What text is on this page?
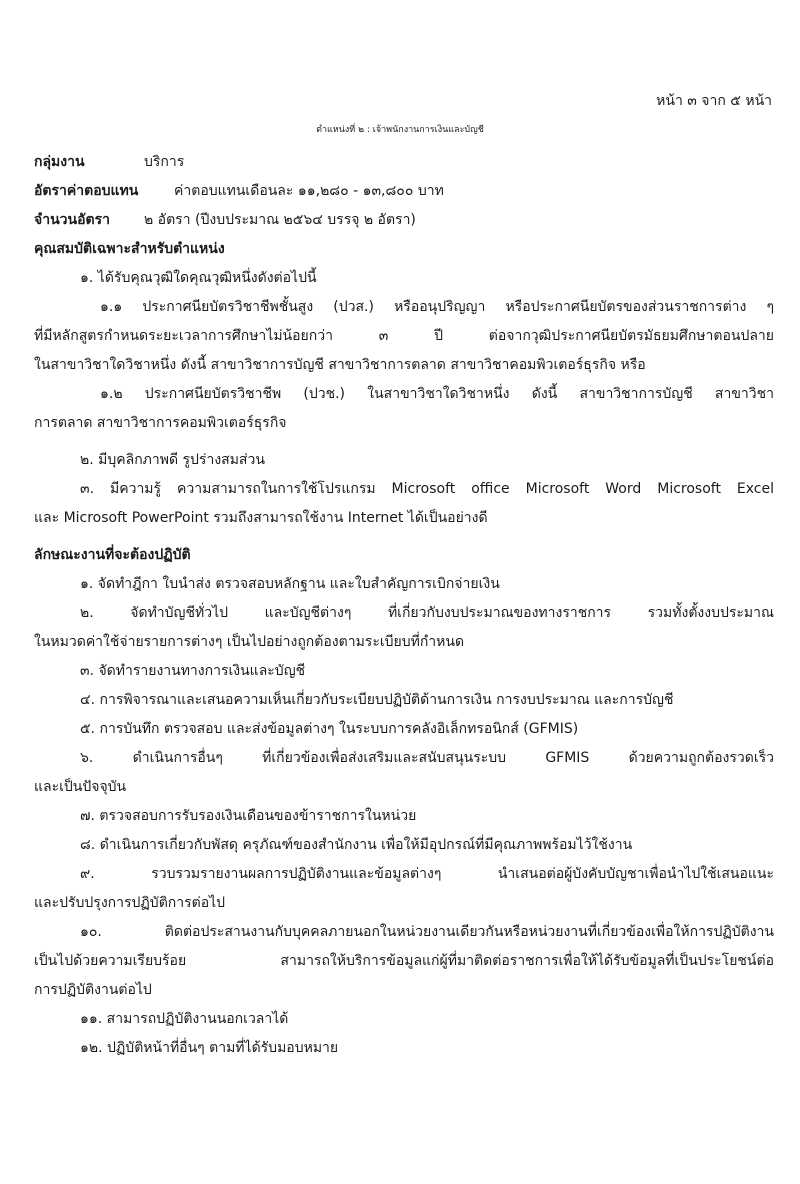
หน้า ๓ จาก ๕ หน้า
ตำแหน่งที่ ๒ : เจ้าพนักงานการเงินและบัญชี
กลุ่มงาน	บริการ
อัตราค่าตอบแทน	ค่าตอบแทนเดือนละ ๑๑,๒๘๐ - ๑๓,๘๐๐ บาท
จำนวนอัตรา ๒ อัตรา (ปีงบประมาณ ๒๕๖๔ บรรจุ ๒ อัตรา)
คุณสมบัติเฉพาะสำหรับตำแหน่ง
๑. ได้รับคุณวุฒิใดคุณวุฒิหนึ่งดังต่อไปนี้
๑.๑ ประกาศนียบัตรวิชาชีพชั้นสูง (ปวส.) หรืออนุปริญญา หรือประกาศนียบัตรของส่วนราชการต่าง ๆ
ที่มีหลักสูตรกำหนดระยะเวลาการศึกษาไม่น้อยกว่า ๓ ปี ต่อจากวุฒิประกาศนียบัตรมัธยมศึกษาตอนปลาย
ในสาขาวิชาใดวิชาหนึ่ง ดังนี้ สาขาวิชาการบัญชี สาขาวิชาการตลาด สาขาวิชาคอมพิวเตอร์ธุรกิจ หรือ
๑.๒ ประกาศนียบัตรวิชาชีพ (ปวช.) ในสาขาวิชาใดวิชาหนึ่ง ดังนี้ สาขาวิชาการบัญชี สาขาวิชา
การตลาด สาขาวิชาการคอมพิวเตอร์ธุรกิจ
๒. มีบุคลิกภาพดี รูปร่างสมส่วน
๓. มีความรู้ ความสามารถในการใช้โปรแกรม Microsoft office Microsoft Word Microsoft Excel
และ Microsoft PowerPoint รวมถึงสามารถใช้งาน Internet ได้เป็นอย่างดี
ลักษณะงานที่จะต้องปฏิบัติ
๑. จัดทำฎีกา ใบนำส่ง ตรวจสอบหลักฐาน และใบสำคัญการเบิกจ่ายเงิน
๒. จัดทำบัญชีทั่วไป และบัญชีต่างๆ ที่เกี่ยวกับงบประมาณของทางราชการ รวมทั้งตั้งงบประมาณ
ในหมวดค่าใช้จ่ายรายการต่างๆ เป็นไปอย่างถูกต้องตามระเบียบที่กำหนด
๓. จัดทำรายงานทางการเงินและบัญชี
๔. การพิจารณาและเสนอความเห็นเกี่ยวกับระเบียบปฏิบัติด้านการเงิน การงบประมาณ และการบัญชี
๕. การบันทึก ตรวจสอบ และส่งข้อมูลต่างๆ ในระบบการคลังอิเล็กทรอนิกส์ (GFMIS)
๖. ดำเนินการอื่นๆ ที่เกี่ยวข้องเพื่อส่งเสริมและสนับสนุนระบบ GFMIS ด้วยความถูกต้องรวดเร็ว
และเป็นปัจจุบัน
๗. ตรวจสอบการรับรองเงินเดือนของข้าราชการในหน่วย
๘. ดำเนินการเกี่ยวกับพัสดุ ครุภัณฑ์ของสำนักงาน เพื่อให้มีอุปกรณ์ที่มีคุณภาพพร้อมไว้ใช้งาน
๙. รวบรวมรายงานผลการปฏิบัติงานและข้อมูลต่างๆ นำเสนอต่อผู้บังคับบัญชาเพื่อนำไปใช้เสนอแนะ
และปรับปรุงการปฏิบัติการต่อไป
๑๐. ติดต่อประสานงานกับบุคคลภายนอกในหน่วยงานเดียวกันหรือหน่วยงานที่เกี่ยวข้องเพื่อให้การปฏิบัติงาน
เป็นไปด้วยความเรียบร้อย สามารถให้บริการข้อมูลแก่ผู้ที่มาติดต่อราชการเพื่อให้ได้รับข้อมูลที่เป็นประโยชน์ต่อ
การปฏิบัติงานต่อไป
๑๑. สามารถปฏิบัติงานนอกเวลาได้
๑๒. ปฏิบัติหน้าที่อื่นๆ ตามที่ได้รับมอบหมาย
